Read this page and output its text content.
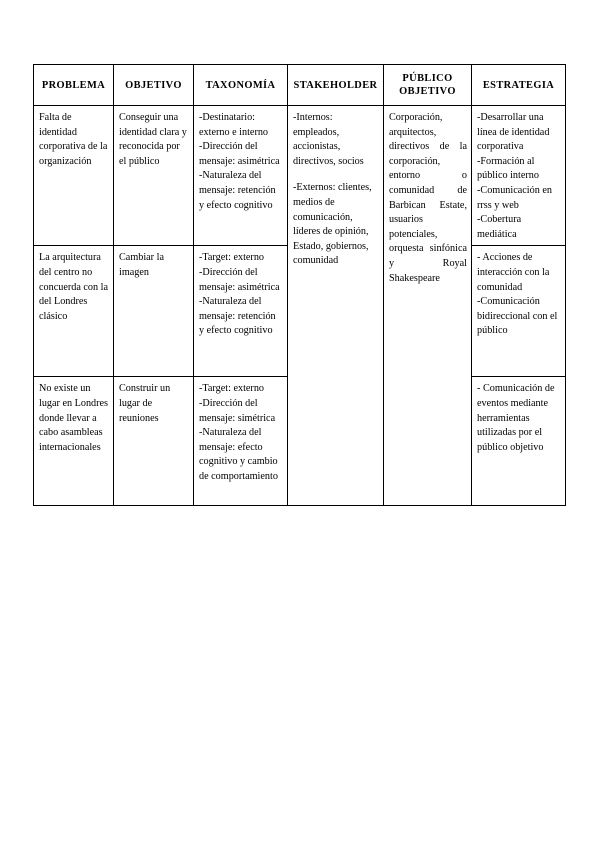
PROBLEMA	OBJETIVO	TAXONOMÍA	STAKEHOLDER	PÚBLICO OBJETIVO	ESTRATEGIA
Falta de identidad corporativa de la organización	Conseguir una identidad clara y reconocida por el público	-Destinatario: externo e interno
-Dirección del mensaje: asimétrica
-Naturaleza del mensaje: retención y efecto cognitivo	-Internos: empleados, accionistas, directivos, socios
-Externos: clientes, medios de comunicación, líderes de opinión, Estado, gobiernos, comunidad	Corporación, arquitectos, directivos de la corporación, entorno o comunidad de Barbican Estate, usuarios potenciales, orquesta sinfónica y Royal Shakespeare	-Desarrollar una línea de identidad corporativa
-Formación al público interno
-Comunicación en rrss y web
-Cobertura mediática

La arquitectura del centro no concuerda con la del Londres clásico	Cambiar la imagen	-Target: externo
-Dirección del mensaje: asimétrica
-Naturaleza del mensaje: retención y efecto cognitivo			- Acciones de interacción con la comunidad
-Comunicación bidireccional con el público

No existe un lugar en Londres donde llevar a cabo asambleas internacionales	Construir un lugar de reuniones	-Target: externo
-Dirección del mensaje: simétrica
-Naturaleza del mensaje: efecto cognitivo y cambio de comportamiento			- Comunicación de eventos mediante herramientas utilizadas por el público objetivo
